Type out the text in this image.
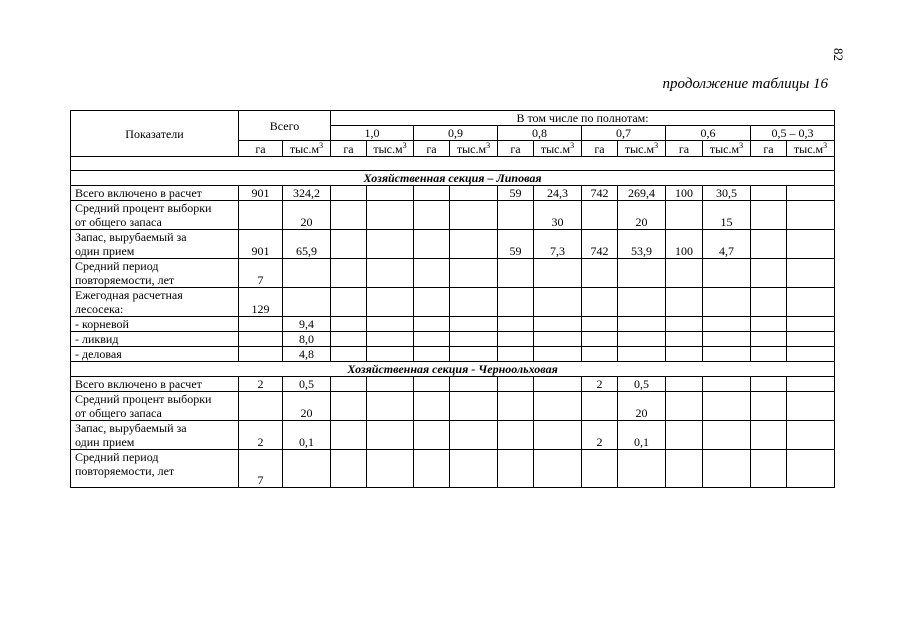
82
продолжение таблицы 16
Показатели	Всего		В том числе по полнотам:											
			1,0		0,9		0,8		0,7		0,6		0,5 – 0,3	
	га	$тыс.м^3$	га	$тыс.м^3$	га	$тыс.м^3$	га	$тыс.м^3$	га	$тыс.м^3$	га	$тыс.м^3$	га	$тыс.м^3$

Хозяйственная секция – Липовая														

Всего включено в расчет	901	324,2					59	24,3	742	269,4	100	30,5		

Средний процент выборки
от общего запаса		20						30		20		15		

Запас, вырубаемый за
один прием	901	65,9					59	7,3	742	53,9	100	4,7		

Средний период
повторяемости, лет	7													

Ежегодная расчетная
лесосека:	129													

- корневой		9,4												

- ликвид		8,0												

- деловая		4,8												
Хозяйственная секция - Черноольховая														

Всего включено в расчет	2	0,5							2	0,5				

Средний процент выборки
от общего запаса		20								20				

Запас, вырубаемый за
один прием	2	0,1							2	0,1				

Средний период
повторяемости, лет	7													
